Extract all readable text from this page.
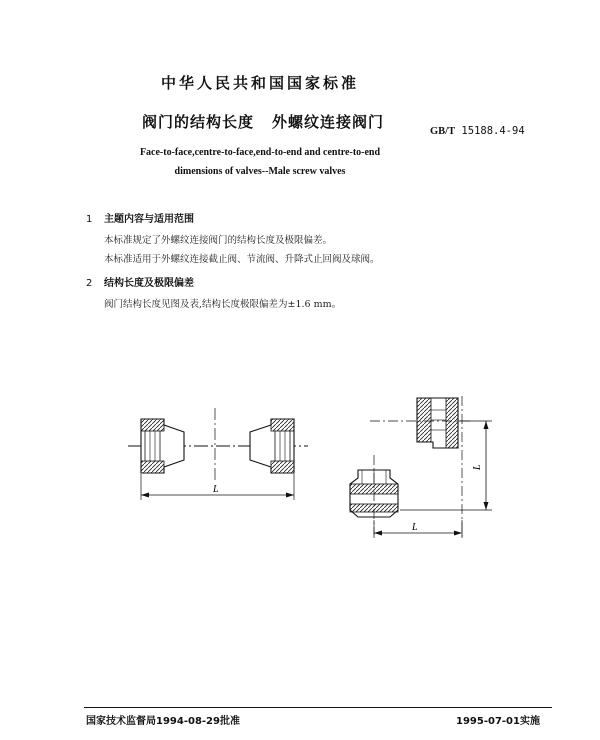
中华人民共和国国家标准
阀门的结构长度 外螺纹连接阀门
GB/T 15188.4-94
Face-to-face,centre-to-face,end-to-end and centre-to-end
dimensions of valves--Male screw valves
1 主题内容与适用范围
本标准规定了外螺纹连接阀门的结构长度及极限偏差。
本标准适用于外螺纹连接截止阀、节流阀、升降式止回阀及球阀。
2 结构长度及极限偏差
阀门结构长度见图及表,结构长度极限偏差为±1.6 mm。
L
L
L
国家技术监督局1994-08-29批准	1995-07-01实施
